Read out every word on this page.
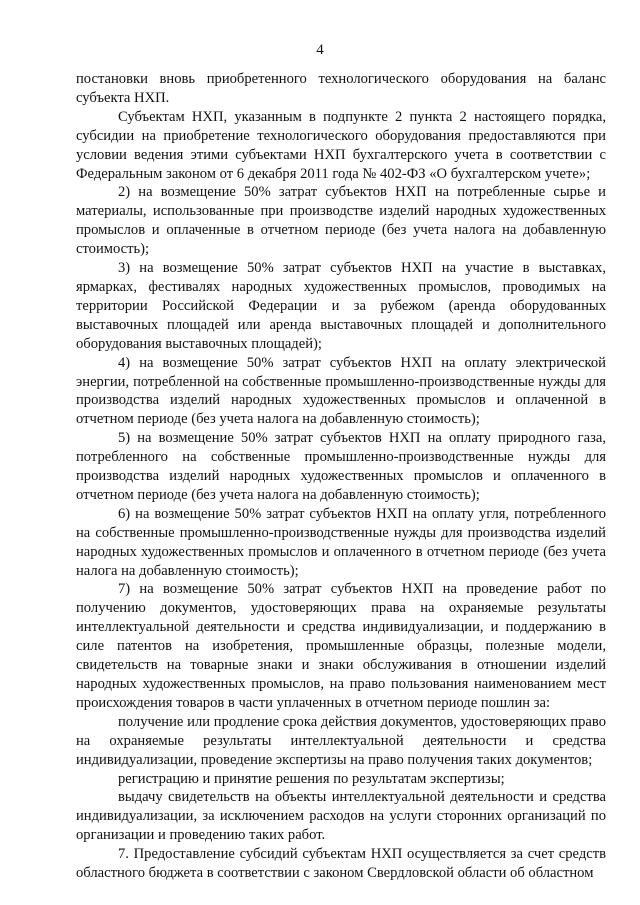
4

постановки вновь приобретенного технологического оборудования на баланс субъекта НХП.

Субъектам НХП, указанным в подпункте 2 пункта 2 настоящего порядка, субсидии на приобретение технологического оборудования предоставляются при условии ведения этими субъектами НХП бухгалтерского учета в соответствии с Федеральным законом от 6 декабря 2011 года № 402-ФЗ «О бухгалтерском учете»;

2) на возмещение 50% затрат субъектов НХП на потребленные сырье и материалы, использованные при производстве изделий народных художественных промыслов и оплаченные в отчетном периоде (без учета налога на добавленную стоимость);

3) на возмещение 50% затрат субъектов НХП на участие в выставках, ярмарках, фестивалях народных художественных промыслов, проводимых на территории Российской Федерации и за рубежом (аренда оборудованных выставочных площадей или аренда выставочных площадей и дополнительного оборудования выставочных площадей);

4) на возмещение 50% затрат субъектов НХП на оплату электрической энергии, потребленной на собственные промышленно-производственные нужды для производства изделий народных художественных промыслов и оплаченной в отчетном периоде (без учета налога на добавленную стоимость);

5) на возмещение 50% затрат субъектов НХП на оплату природного газа, потребленного на собственные промышленно-производственные нужды для производства изделий народных художественных промыслов и оплаченного в отчетном периоде (без учета налога на добавленную стоимость);

6) на возмещение 50% затрат субъектов НХП на оплату угля, потребленного на собственные промышленно-производственные нужды для производства изделий народных художественных промыслов и оплаченного в отчетном периоде (без учета налога на добавленную стоимость);

7) на возмещение 50% затрат субъектов НХП на проведение работ по получению документов, удостоверяющих права на охраняемые результаты интеллектуальной деятельности и средства индивидуализации, и поддержанию в силе патентов на изобретения, промышленные образцы, полезные модели, свидетельств на товарные знаки и знаки обслуживания в отношении изделий народных художественных промыслов, на право пользования наименованием мест происхождения товаров в части уплаченных в отчетном периоде пошлин за:

получение или продление срока действия документов, удостоверяющих право на охраняемые результаты интеллектуальной деятельности и средства индивидуализации, проведение экспертизы на право получения таких документов;

регистрацию и принятие решения по результатам экспертизы;

выдачу свидетельств на объекты интеллектуальной деятельности и средства индивидуализации, за исключением расходов на услуги сторонних организаций по организации и проведению таких работ.

7. Предоставление субсидий субъектам НХП осуществляется за счет средств областного бюджета в соответствии с законом Свердловской области об областном
